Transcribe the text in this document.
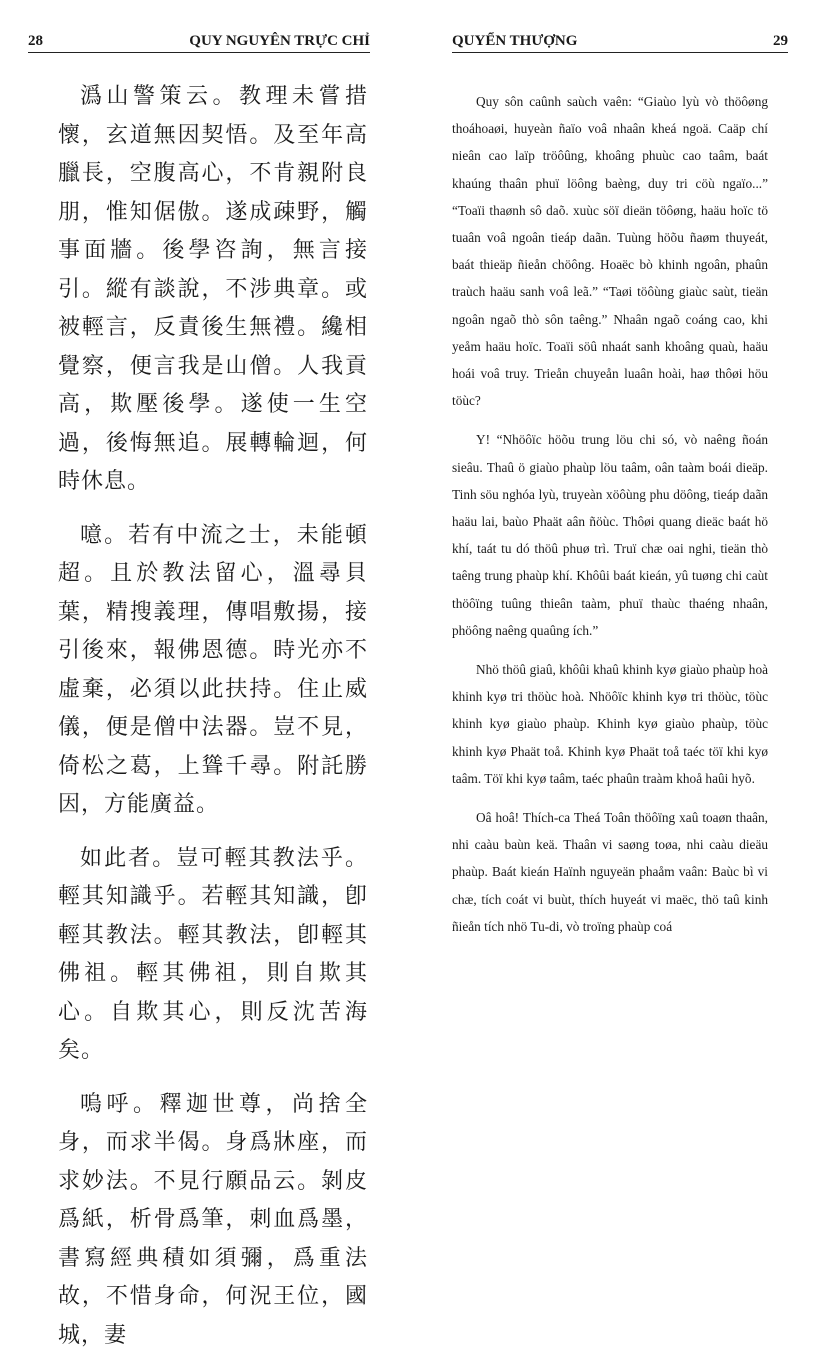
28	QUY NGUYÊN TRỰC CHỈ

潙山警策云。教理未嘗措懷，玄道無因契悟。及至年高臘長，空腹高心，不肯親附良朋，惟知倨傲。遂成疎野，觸事面牆。後學咨詢，無言接引。縱有談說，不涉典章。或被輕言，反責後生無禮。纔相覺察，便言我是山僧。人我貢高，欺壓後學。遂使一生空過，後悔無追。展轉輪迴，何時休息。

噫。若有中流之士，未能頓超。且於教法留心，溫尋貝葉，精搜義理，傳唱敷揚，接引後來，報佛恩德。時光亦不虛棄，必須以此扶持。住止威儀，便是僧中法器。豈不見，倚松之葛，上聳千尋。附託勝因，方能廣益。

如此者。豈可輕其教法乎。輕其知識乎。若輕其知識，卽輕其教法。輕其教法，卽輕其佛祖。輕其佛祖，則自欺其心。自欺其心，則反沈苦海矣。

嗚呼。釋迦世尊，尚捨全身，而求半偈。身爲牀座，而求妙法。不見行願品云。剝皮爲紙，析骨爲筆，刺血爲墨，書寫經典積如須彌，爲重法故，不惜身命，何況王位，國城，妻

QUYỂN THƯỢNG	29

Quy sôn caûnh saùch vaên: “Giaùo lyù vò thöôøng thoáhoaøi, huyeàn ñaïo voâ nhaân kheá ngoä. Caäp chí nieân cao laïp tröôûng, khoâng phuùc cao taâm, baát khaúng thaân phuï löông baèng, duy tri cöù ngaïo...” “Toaïi thaønh sô daõ. xuùc söï dieän töôøng, haäu hoïc tö tuaân voâ ngoân tieáp daãn. Tuùng höõu ñaøm thuyeát, baát thieäp ñieån chöông. Hoaëc bò khinh ngoân, phaûn traùch haäu sanh voâ leã.” “Taøi töôùng giaùc saùt, tieän ngoân ngaõ thò sôn taêng.” Nhaân ngaõ coáng cao, khi yeåm haäu hoïc. Toaïi söû nhaát sanh khoâng quaù, haäu hoái voâ truy. Trieån chuyeån luaân hoài, haø thôøi höu töùc?

Y! “Nhöôïc höõu trung löu chi só, vò naêng ñoán sieâu. Thaû ö giaùo phaùp löu taâm, oân taàm boái dieäp. Tinh söu nghóa lyù, truyeàn xöôùng phu döông, tieáp daãn haäu lai, baùo Phaät aân ñöùc. Thôøi quang dieäc baát hö khí, taát tu dó thöû phuø trì. Truï chæ oai nghi, tieän thò taêng trung phaùp khí. Khôûi baát kieán, yû tuøng chi caùt thöôïng tuûng thieân taàm, phuï thaùc thaéng nhaân, phöông naêng quaûng ích.”

Nhö thöû giaû, khôûi khaû khinh kyø giaùo phaùp hoà khinh kyø tri thöùc hoà. Nhöôïc khinh kyø tri thöùc, töùc khinh kyø giaùo phaùp. Khinh kyø giaùo phaùp, töùc khinh kyø Phaät toå. Khinh kyø Phaät toå taéc töï khi kyø taâm. Töï khi kyø taâm, taéc phaûn traàm khoå haûi hyõ.

Oâ hoâ! Thích-ca Theá Toân thöôïng xaû toaøn thaân, nhi caàu baùn keä. Thaân vi saøng toøa, nhi caàu dieäu phaùp. Baát kieán Haïnh nguyeän phaåm vaân: Baùc bì vi chæ, tích coát vi buùt, thích huyeát vi maëc, thö taû kinh ñieån tích nhö Tu-di, vò troïng phaùp coá
